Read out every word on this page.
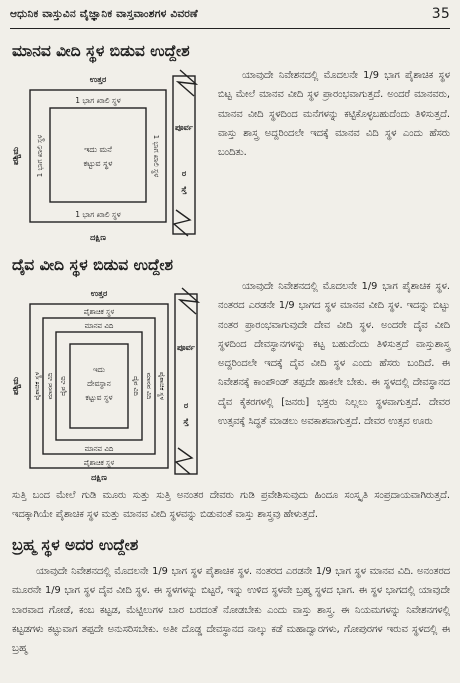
ಆಧುನಿಕ ವಾಸ್ತುವಿನ ವೈಜ್ಞಾನಿಕ ವಾಸ್ತವಾಂಶಗಳ ವಿವರಣೆ	35
ಮಾನವ ವೀದಿ ಸ್ಥಳ ಬಿಡುವ ಉದ್ದೇಶ
ಉತ್ತರ
ದಕ್ಷಿಣ
ಪಶ್ಚಿಮ
ಪೂರ್ವ
1 ಭಾಗ ಖಾಲಿ ಸ್ಥಳ
1 ಭಾಗ ಖಾಲಿ ಸ್ಥಳ
1 ಭಾಗ ಖಾಲಿ ಸ್ಥಳ	1 ಭಾಗ ಖಾಲಿ ಸ್ಥಳ
ಇದು ಮನೆ
ಕಟ್ಟುವ ಸ್ಥಳ
ರ
ಸ್ತೆ

ಯಾವುದೇ ನಿವೇಶನದಲ್ಲಿ ಮೊದಲನೇ 1/9 ಭಾಗ ಪೈಶಾಚಿಕ ಸ್ಥಳ ಬಿಟ್ಟ ಮೇಲೆ ಮಾನವ ವೀದಿ ಸ್ಥಳ ಪ್ರಾರಂಭವಾಗುತ್ತದೆ. ಅಂದರೆ ಮಾನವರು, ಮಾನವ ವೀದಿ ಸ್ಥಳದಿಂದ ಮನೆಗಳನ್ನು ಕಟ್ಟಿಕೊಳ್ಳಬಹುದೆಂದು ತಿಳಿಸುತ್ತದೆ. ವಾಸ್ತು ಶಾಸ್ತ್ರ ಅದ್ದರಿಂದಲೇ ಇದಕ್ಕೆ ಮಾನವ ವಿದಿ ಸ್ಥಳ ಎಂದು ಹೆಸರು ಬಂದಿತು.

ದೈವ ವೀದಿ ಸ್ಥಳ ಬಿಡುವ ಉದ್ದೇಶ
ಉತ್ತರ
ದಕ್ಷಿಣ
ಪಶ್ಚಿಮ
ಪೂರ್ವ
ಪೈಶಾಚಿಕ ಸ್ಥಳ
ಪೈಶಾಚಿಕ ಸ್ಥಳ
ಪೈಶಾಚಿಕ ಸ್ಥಳ	ಪೈಶಾಚಿಕ ಸ್ಥಳ
ಮಾನವ ವಿದಿ
ಮಾನವ ವಿದಿ
ಮಾನವ ವಿದಿ	ಮಾನವ ವಿದಿ
ದೈವ ವಿದಿ	ದೈವ ವಿದಿ
ಇದು
ದೇವಸ್ಥಾನ
ಕಟ್ಟುವ ಸ್ಥಳ
ರ
ಸ್ತೆ

ಯಾವುದೇ ನಿವೇಶನದಲ್ಲಿ ಮೊದಲನೇ 1/9 ಭಾಗ ಪೈಶಾಚಿಕ ಸ್ಥಳ. ನಂತರದ ಎರಡನೇ 1/9 ಭಾಗದ ಸ್ಥಳ ಮಾನವ ವೀದಿ ಸ್ಥಳ. ಇದನ್ನು ಬಿಟ್ಟು ನಂತರ ಪ್ರಾರಂಭವಾಗುವುದೇ ದೇವ ವೀದಿ ಸ್ಥಳ. ಅಂದರೇ ದೈವ ವೀದಿ ಸ್ಥಳದಿಂದ ದೇವಸ್ಥಾನಗಳನ್ನು ಕಟ್ಟ ಬಹುದೆಂದು ತಿಳಿಸುತ್ತದೆ ವಾಸ್ತುಶಾಸ್ತ್ರ ಅದ್ದರಿಂದಲೇ ಇದಕ್ಕೆ ದೈವ ವೀದಿ ಸ್ಥಳ ಎಂದು ಹೆಸರು ಬಂದಿದೆ. ಈ ನಿವೇಶನಕ್ಕೆ ಕಾಂಪೌಂಡ್ ತಪ್ಪದೇ ಹಾಕಲೇ ಬೇಕು. ಈ ಸ್ಥಳದಲ್ಲಿ ದೇವಸ್ಥಾನದ ದೈವ ಕೈಕರಗಳಲ್ಲಿ [ಜನರು] ಭಕ್ತರು ನಿಲ್ಲಲು ಸ್ಥಳವಾಗುತ್ತದೆ. ದೇವರ ಉತ್ಸವಕ್ಕೆ ಸಿದ್ಧತೆ ಮಾಡಲು ಅವಕಾಶವಾಗುತ್ತದೆ. ದೇವರ ಉತ್ಸವ ಊರು

ಸುತ್ತಿ ಬಂದ ಮೇಲೆ ಗುಡಿ ಮೂರು ಸುತ್ತು ಸುತ್ತಿ ಅನಂತರ ದೇವರು ಗುಡಿ ಪ್ರವೇಶಿಸುವುದು ಹಿಂದೂ ಸಂಸ್ಕೃತಿ ಸಂಪ್ರದಾಯವಾಗಿರುತ್ತದೆ. ಇದಕ್ಕಾಗಿಯೇ ಪೈಶಾಚಿಕ ಸ್ಥಳ ಮತ್ತು ಮಾನವ ವೀದಿ ಸ್ಥಳವನ್ನು ಬಿಡುವಂತೆ ವಾಸ್ತು ಶಾಸ್ತ್ರವು ಹೇಳುತ್ತದೆ.

ಬ್ರಹ್ಮ ಸ್ಥಳ ಅದರ ಉದ್ದೇಶ

ಯಾವುದೇ ನಿವೇಶನದಲ್ಲಿ ಮೊದಲನೇ 1/9 ಭಾಗ ಸ್ಥಳ ಪೈಶಾಚಿಕ ಸ್ಥಳ. ನಂತರದ ಎರಡನೇ 1/9 ಭಾಗ ಸ್ಥಳ ಮಾನವ ವಿದಿ. ಅನಂತರದ ಮೂರನೇ 1/9 ಭಾಗ ಸ್ಥಳ ದೈವ ವೀದಿ ಸ್ಥಳ. ಈ ಸ್ಥಳಗಳನ್ನು ಬಿಟ್ಟರೆ, ಇನ್ನು ಉಳಿದ ಸ್ಥಳವೇ ಬ್ರಹ್ಮ ಸ್ಥಳದ ಭಾಗ. ಈ ಸ್ಥಳ ಭಾಗದಲ್ಲಿ ಯಾವುದೇ ಬಾರವಾದ ಗೋಡೆ, ಕಂಬ ಕಟ್ಟಡ, ಮೆಟ್ಟಿಲುಗಳ ಬಾರ ಬರದಂತೆ ನೋಡಬೇಕು ಎಂದು ವಾಸ್ತು ಶಾಸ್ತ್ರ. ಈ ನಿಯಮಗಳನ್ನು ನಿವೇಶನಗಳಲ್ಲಿ ಕಟ್ಟಡಗಳು ಕಟ್ಟುವಾಗ ತಪ್ಪದೇ ಅನುಸರಿಸಬೇಕು. ಅತೀ ದೊಡ್ಡ ದೇವಸ್ಥಾನದ ನಾಲ್ಕು ಕಡೆ ಮಹಾದ್ವಾರಗಳು, ಗೋಪುರಗಳ ಇರುವ ಸ್ಥಳದಲ್ಲಿ ಈ ಬ್ರಹ್ಮ
